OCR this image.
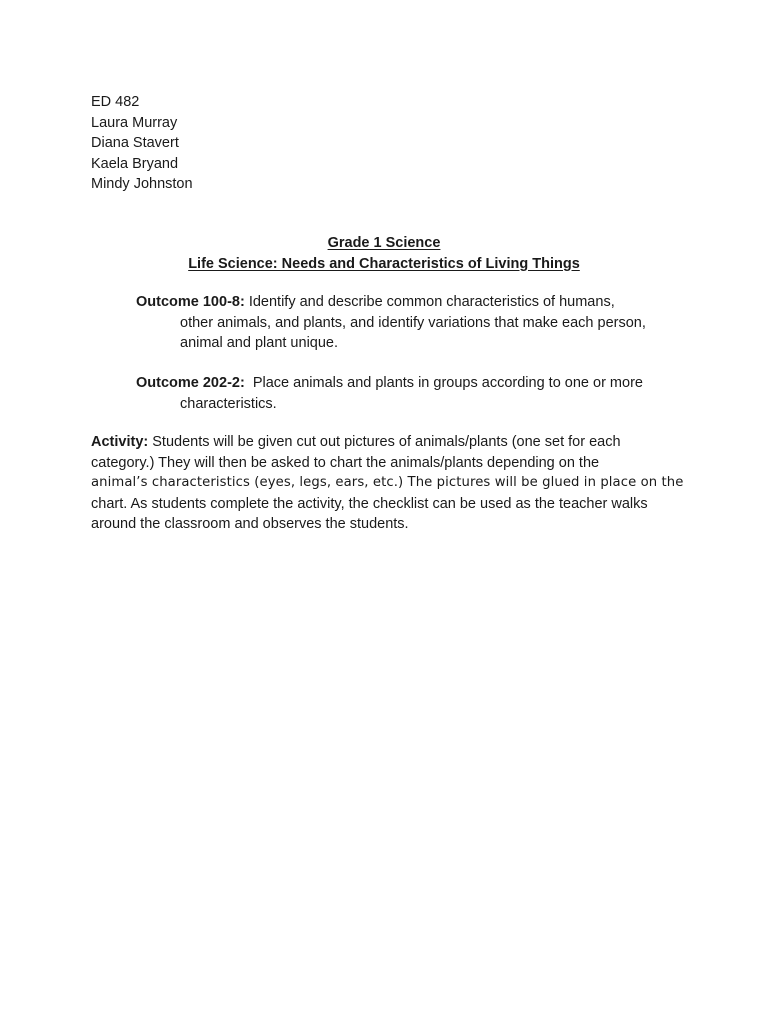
ED 482
Laura Murray
Diana Stavert
Kaela Bryand
Mindy Johnston
Grade 1 Science
Life Science: Needs and Characteristics of Living Things
Outcome 100-8: Identify and describe common characteristics of humans,
other animals, and plants, and identify variations that make each person,
animal and plant unique.
Outcome 202-2:  Place animals and plants in groups according to one or more
characteristics.
Activity: Students will be given cut out pictures of animals/plants (one set for each
category.) They will then be asked to chart the animals/plants depending on the
animal’s characteristics (eyes, legs, ears, etc.) The pictures will be glued in place on the
chart. As students complete the activity, the checklist can be used as the teacher walks
around the classroom and observes the students.
